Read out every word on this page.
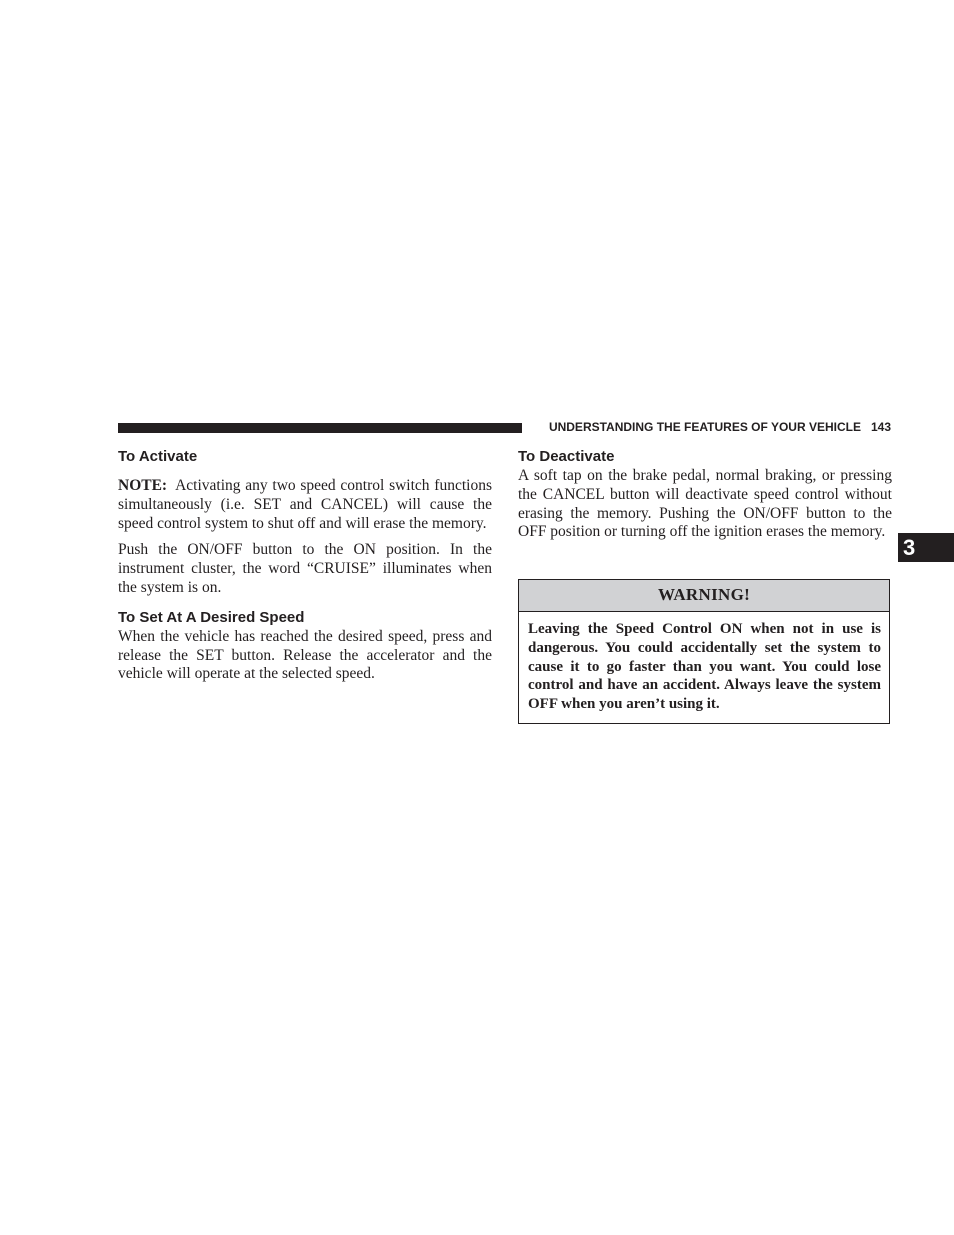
UNDERSTANDING THE FEATURES OF YOUR VEHICLE 143
3
To Activate

NOTE: Activating any two speed control switch functions simultaneously (i.e. SET and CANCEL) will cause the speed control system to shut off and will erase the memory.

Push the ON/OFF button to the ON position. In the instrument cluster, the word “CRUISE” illuminates when the system is on.

To Set At A Desired Speed

When the vehicle has reached the desired speed, press and release the SET button. Release the accelerator and the vehicle will operate at the selected speed.

To Deactivate

A soft tap on the brake pedal, normal braking, or pressing the CANCEL button will deactivate speed control without erasing the memory. Pushing the ON/OFF button to the OFF position or turning off the ignition erases the memory.

WARNING!
Leaving the Speed Control ON when not in use is dangerous. You could accidentally set the system to cause it to go faster than you want. You could lose control and have an accident. Always leave the system OFF when you aren’t using it.
